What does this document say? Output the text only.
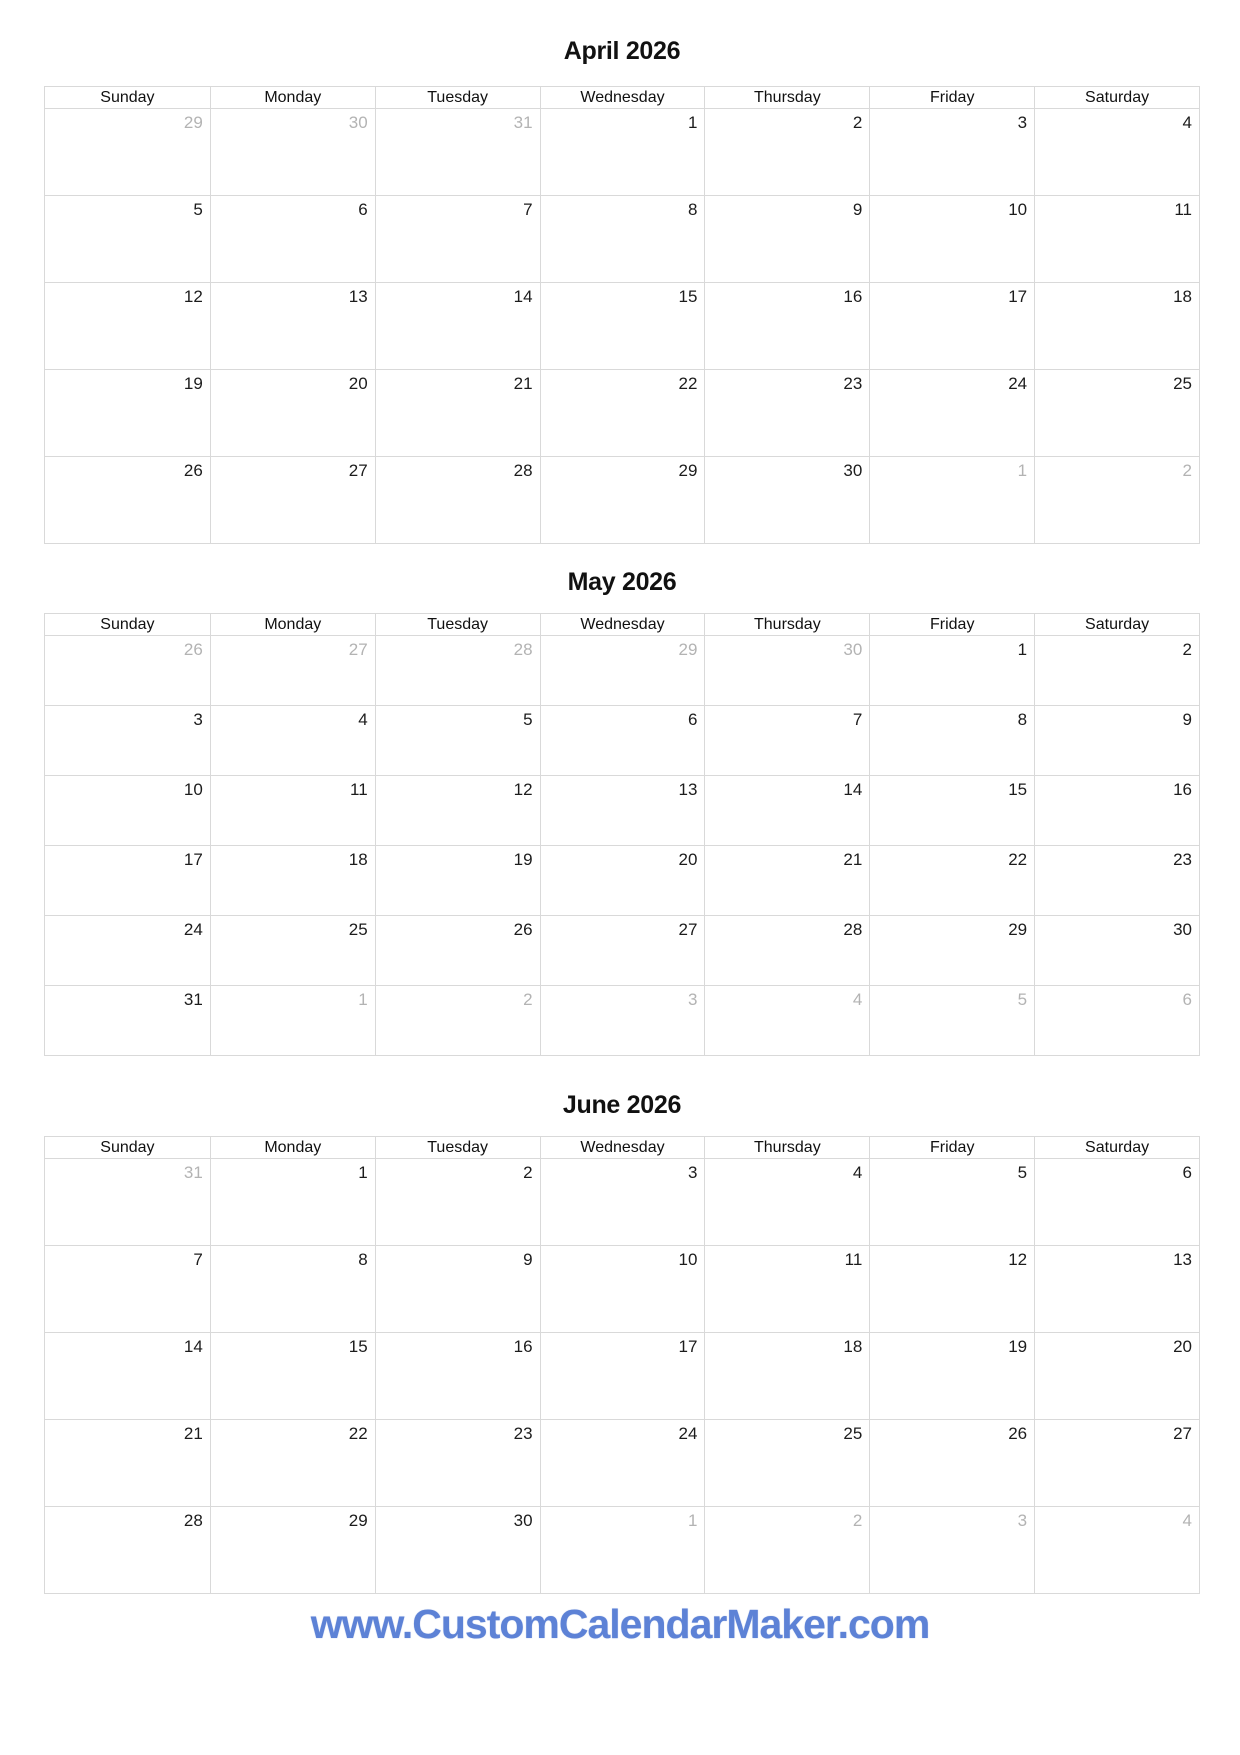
April 2026
Sunday	Monday	Tuesday	Wednesday	Thursday	Friday	Saturday
29	30	31	1	2	3	4
5	6	7	8	9	10	11
12	13	14	15	16	17	18
19	20	21	22	23	24	25
26	27	28	29	30	1	2
May 2026
Sunday	Monday	Tuesday	Wednesday	Thursday	Friday	Saturday
26	27	28	29	30	1	2
3	4	5	6	7	8	9
10	11	12	13	14	15	16
17	18	19	20	21	22	23
24	25	26	27	28	29	30
31	1	2	3	4	5	6
June 2026
Sunday	Monday	Tuesday	Wednesday	Thursday	Friday	Saturday
31	1	2	3	4	5	6
7	8	9	10	11	12	13
14	15	16	17	18	19	20
21	22	23	24	25	26	27
28	29	30	1	2	3	4
www.CustomCalendarMaker.com
